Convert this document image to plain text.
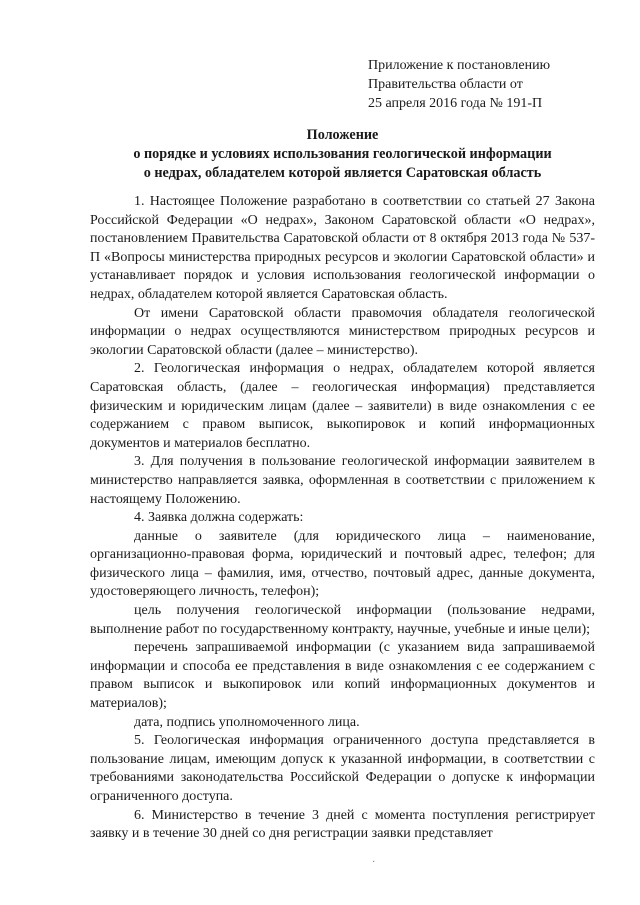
Приложение к постановлению
Правительства области от
25 апреля 2016 года № 191-П
Положение
о порядке и условиях использования геологической информации
о недрах, обладателем которой является Саратовская область

1. Настоящее Положение разработано в соответствии со статьей 27 Закона Российской Федерации «О недрах», Законом Саратовской области «О недрах», постановлением Правительства Саратовской области от 8 октября 2013 года № 537-П «Вопросы министерства природных ресурсов и экологии Саратовской области» и устанавливает порядок и условия использования геологической информации о недрах, обладателем которой является Саратовская область.

От имени Саратовской области правомочия обладателя геологической информации о недрах осуществляются министерством природных ресурсов и экологии Саратовской области (далее – министерство).

2. Геологическая информация о недрах, обладателем которой является Саратовская область, (далее – геологическая информация) представляется физическим и юридическим лицам (далее – заявители) в виде ознакомления с ее содержанием с правом выписок, выкопировок и копий информационных документов и материалов бесплатно.

3. Для получения в пользование геологической информации заявителем в министерство направляется заявка, оформленная в соответствии с приложением к настоящему Положению.

4. Заявка должна содержать:

данные о заявителе (для юридического лица – наименование, организационно-правовая форма, юридический и почтовый адрес, телефон; для физического лица – фамилия, имя, отчество, почтовый адрес, данные документа, удостоверяющего личность, телефон);

цель получения геологической информации (пользование недрами, выполнение работ по государственному контракту, научные, учебные и иные цели);

перечень запрашиваемой информации (с указанием вида запрашиваемой информации и способа ее представления в виде ознакомления с ее содержанием с правом выписок и выкопировок или копий информационных документов и материалов);

дата, подпись уполномоченного лица.

5. Геологическая информация ограниченного доступа представляется в пользование лицам, имеющим допуск к указанной информации, в соответствии с требованиями законодательства Российской Федерации о допуске к информации ограниченного доступа.

6. Министерство в течение 3 дней с момента поступления регистрирует заявку и в течение 30 дней со дня регистрации заявки представляет

·
